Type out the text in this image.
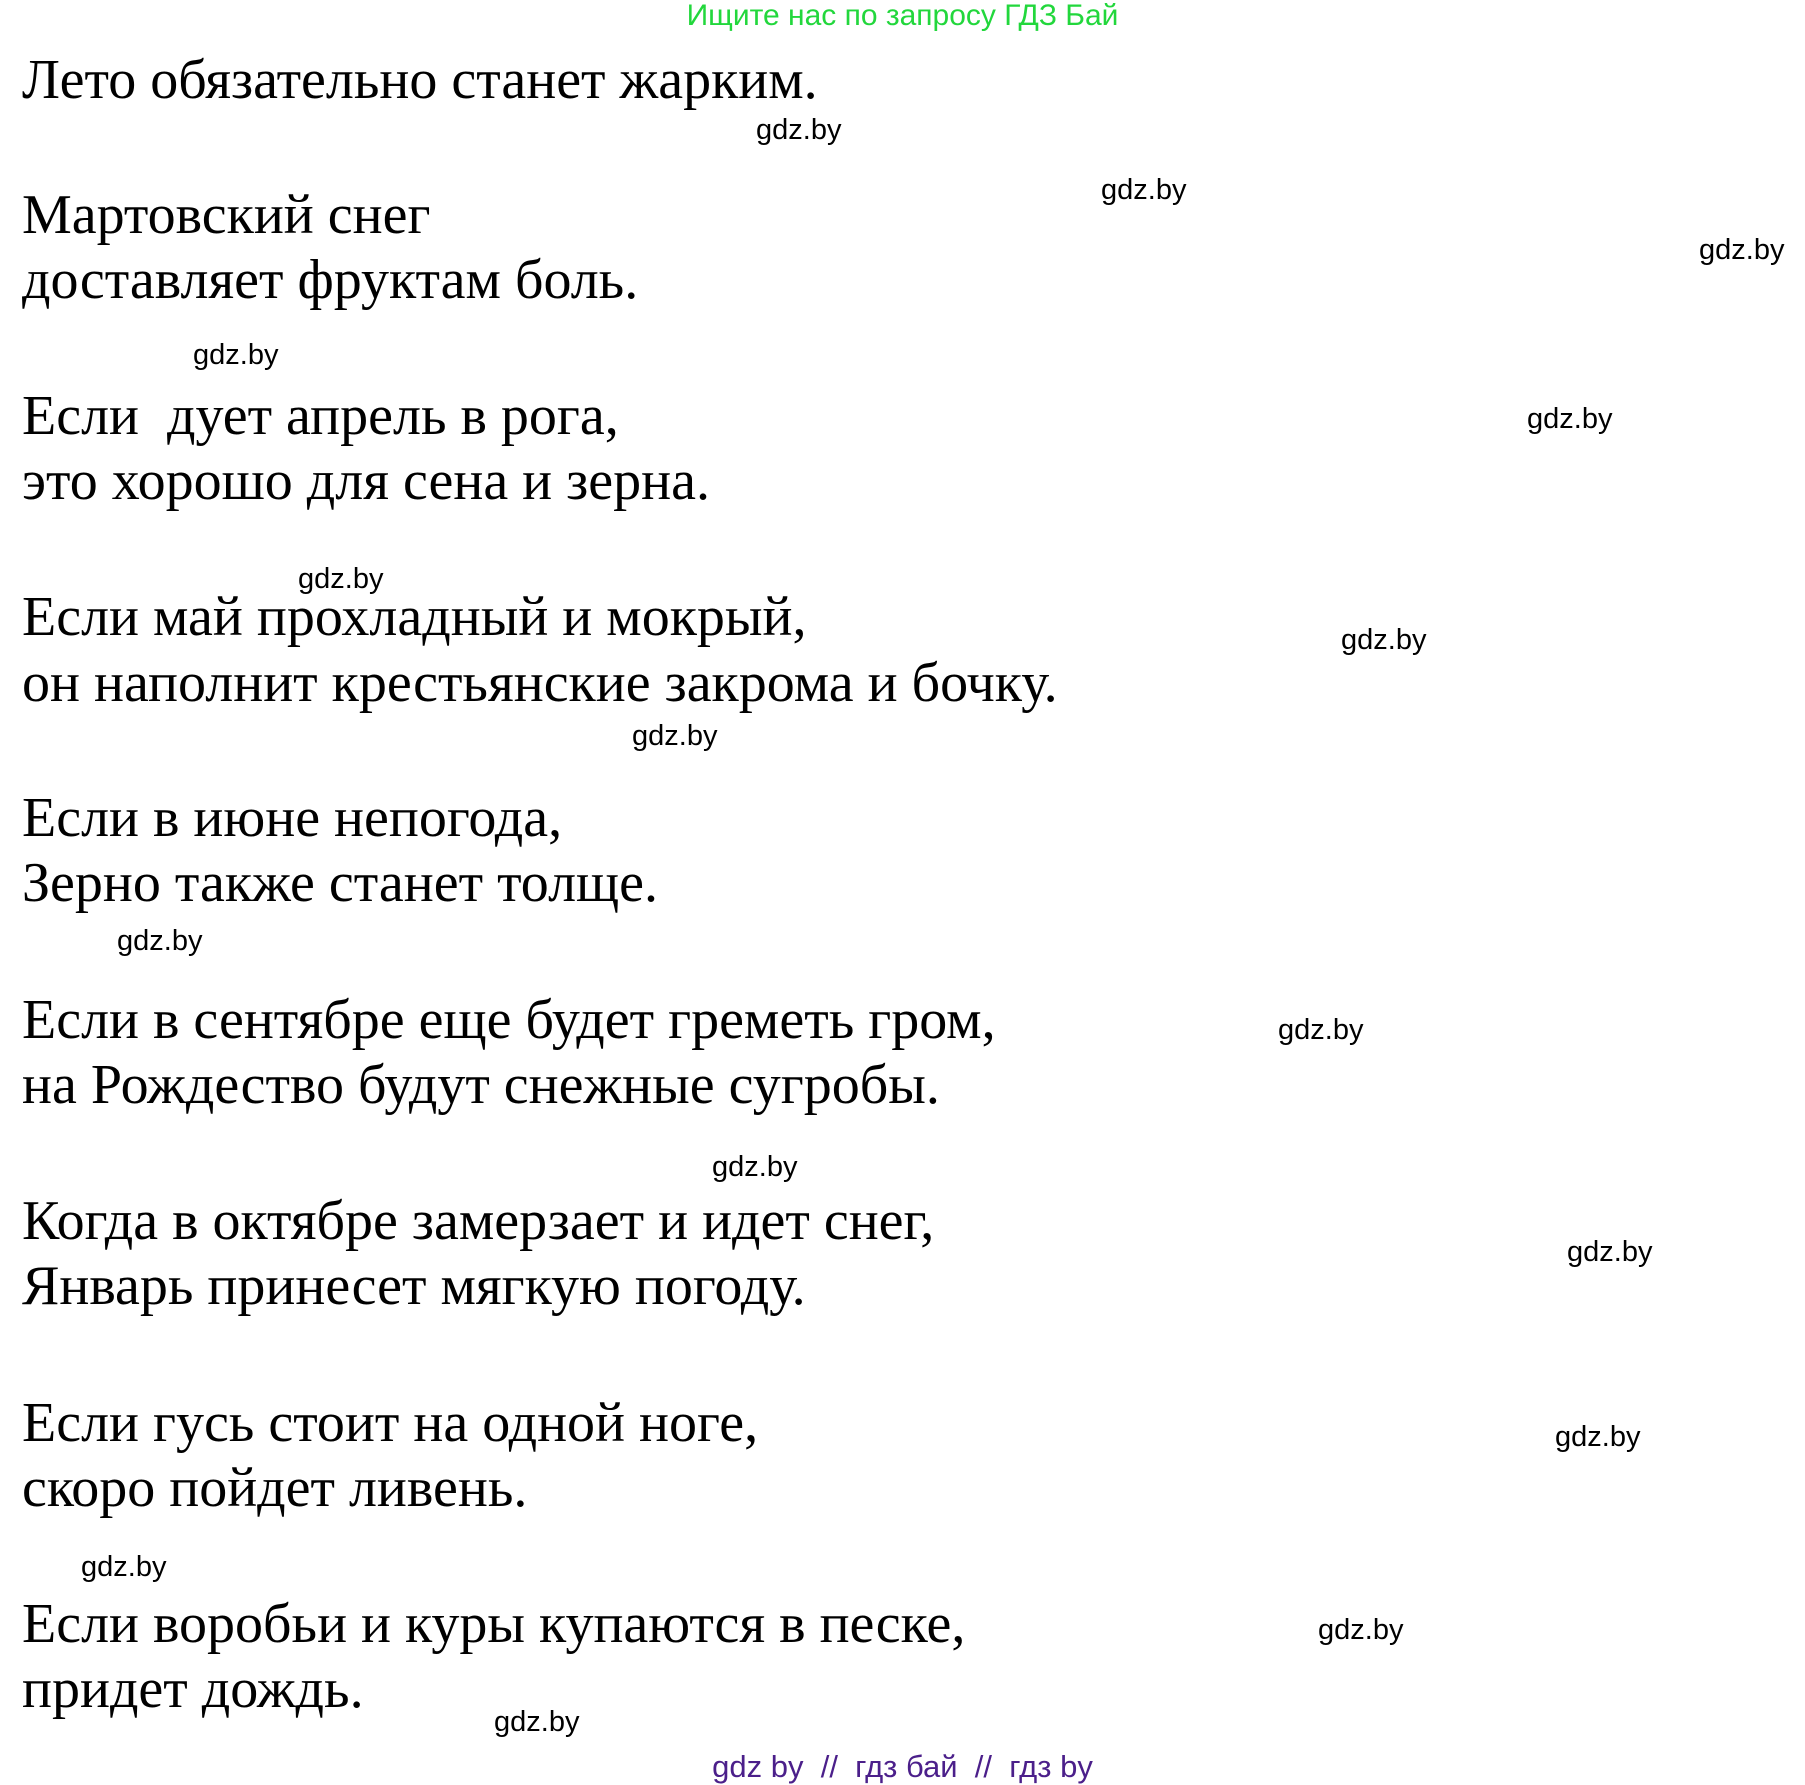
Ищите нас по запросу ГДЗ Бай
Лето обязательно станет жарким.
Мартовский снег
доставляет фруктам боль.
Если  дует апрель в рога,
это хорошо для сена и зерна.
Если май прохладный и мокрый,
он наполнит крестьянские закрома и бочку.
Если в июне непогода,
Зерно также станет толще.
Если в сентябре еще будет греметь гром,
на Рождество будут снежные сугробы.
Когда в октябре замерзает и идет снег,
Январь принесет мягкую погоду.
Если гусь стоит на одной ноге,
скоро пойдет ливень.
Если воробьи и куры купаются в песке,
придет дождь.
gdz.by
gdz.by
gdz.by
gdz.by
gdz.by
gdz.by
gdz.by
gdz.by
gdz.by
gdz.by
gdz.by
gdz.by
gdz.by
gdz.by
gdz.by
gdz.by
gdz by  //  гдз бай  //  гдз by
